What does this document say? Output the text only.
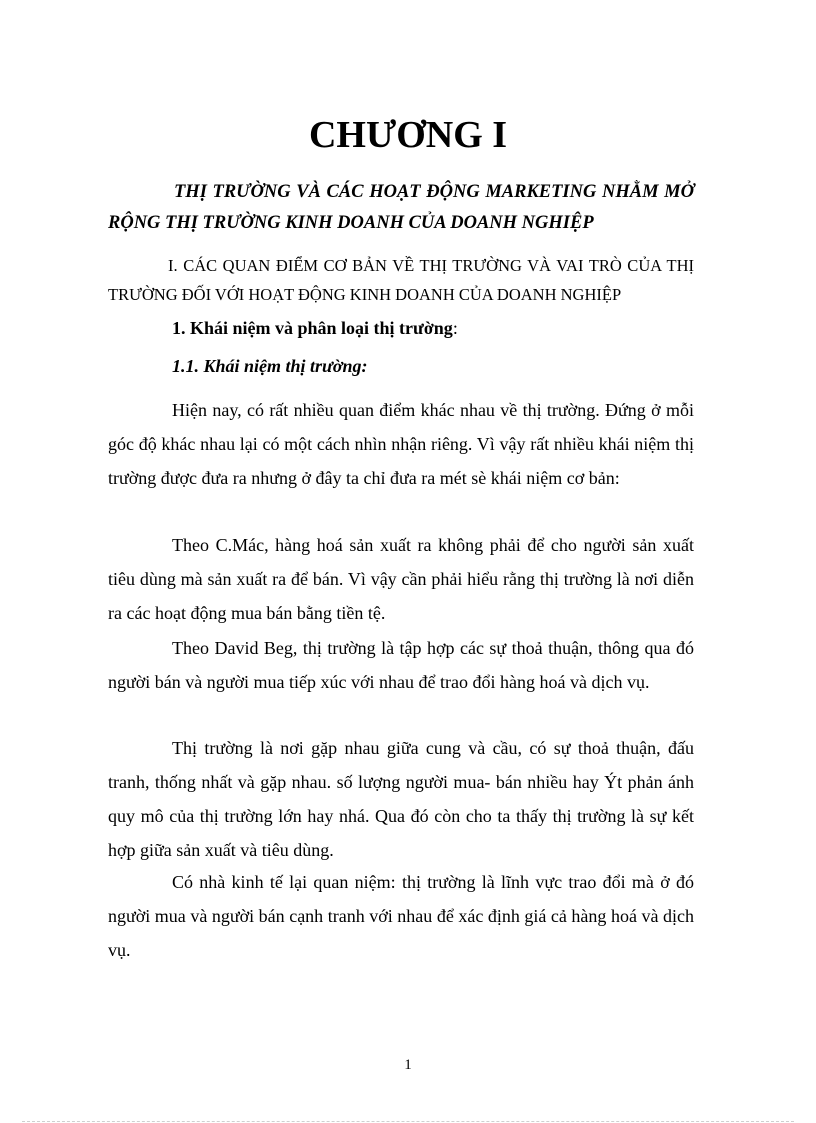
CHƯƠNG I

THỊ TRƯỜNG VÀ CÁC HOẠT ĐỘNG MARKETING NHẰM MỞ RỘNG THỊ TRƯỜNG KINH DOANH CỦA DOANH NGHIỆP

I. CÁC QUAN ĐIỂM CƠ BẢN VỀ THỊ TRƯỜNG VÀ VAI TRÒ CỦA THỊ TRƯỜNG ĐỐI VỚI HOẠT ĐỘNG KINH DOANH CỦA DOANH NGHIỆP

1. Khái niệm và phân loại thị trường:
1.1. Khái niệm thị trường:

Hiện nay, có rất nhiều quan điểm khác nhau về thị trường. Đứng ở mỗi góc độ khác nhau lại có một cách nhìn nhận riêng. Vì vậy rất nhiều khái niệm thị trường được đưa ra nhưng ở đây ta chỉ đưa ra mét sè khái niệm cơ bản:

Theo C.Mác, hàng hoá sản xuất ra không phải để cho người sản xuất tiêu dùng mà sản xuất ra để bán. Vì vậy cần phải hiểu rằng thị trường là nơi diễn ra các hoạt động mua bán bằng tiền tệ.

Theo David Beg, thị trường là tập hợp các sự thoả thuận, thông qua đó người bán và người mua tiếp xúc với nhau để trao đổi hàng hoá và dịch vụ.

Thị trường là nơi gặp nhau giữa cung và cầu, có sự thoả thuận, đấu tranh, thống nhất và gặp nhau. số lượng người mua- bán nhiều hay Ýt phản ánh quy mô của thị trường lớn hay nhá. Qua đó còn cho ta thấy thị trường là sự kết hợp giữa sản xuất và tiêu dùng.

Có nhà kinh tế lại quan niệm: thị trường là lĩnh vực trao đổi mà ở đó người mua và người bán cạnh tranh với nhau để xác định giá cả hàng hoá và dịch vụ.

1
